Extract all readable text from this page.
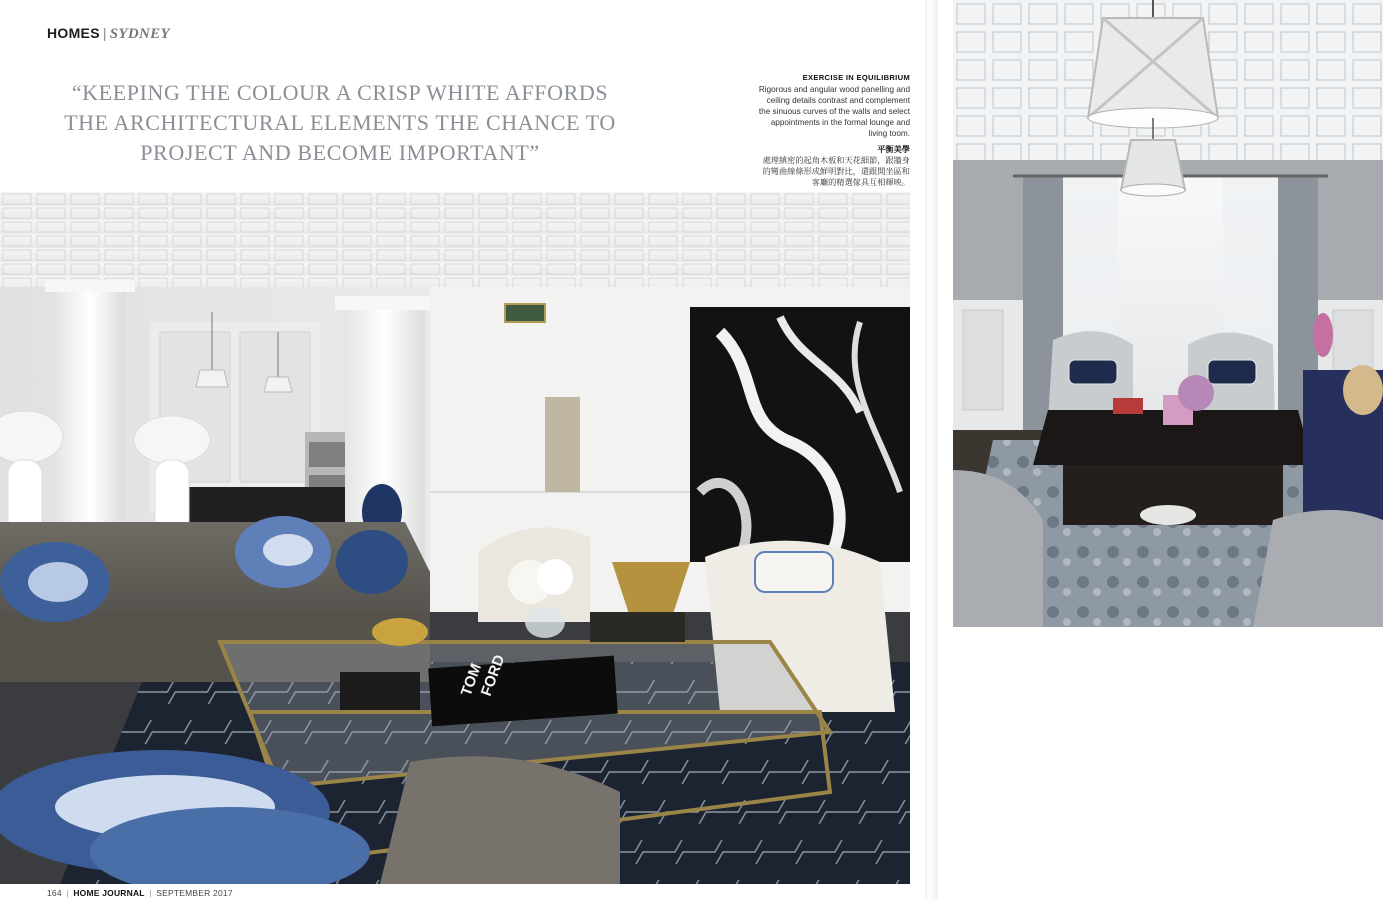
HOMES | SYDNEY

“KEEPING THE COLOUR A CRISP WHITE AFFORDS THE ARCHITECTURAL ELEMENTS THE CHANCE TO PROJECT AND BECOME IMPORTANT”

EXERCISE IN EQUILIBRIUM
Rigorous and angular wood panelling and ceiling details contrast and complement the sinuous curves of the walls and select appointments in the formal lounge and living toom.
平衡美學
處理縝密的起角木板和天花細節，跟牆身的彎曲線條形成鮮明對比，還跟開坐區和客廳的精選傢具互相輝映。
TOM
FORD

164 | HOME JOURNAL | SEPTEMBER 2017
